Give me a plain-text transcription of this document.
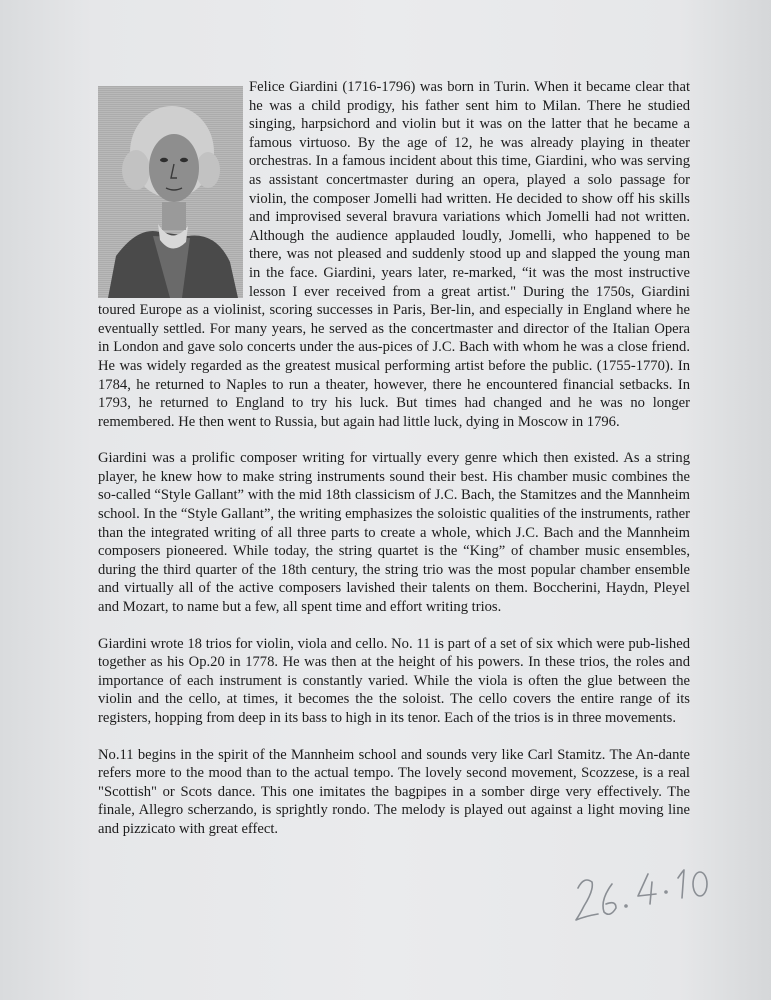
Felice Giardini (1716-1796) was born in Turin. When it became clear that he was a child prodigy, his father sent him to Milan. There he studied singing, harpsichord and violin but it was on the latter that he became a famous virtuoso. By the age of 12, he was already playing in theater orchestras. In a famous incident about this time, Giardini, who was serving as assistant concertmaster during an opera, played a solo passage for violin, the composer Jomelli had written. He decided to show off his skills and improvised several bravura variations which Jomelli had not written. Although the audience applauded loudly, Jomelli, who happened to be there, was not pleased and suddenly stood up and slapped the young man in the face. Giardini, years later, re-marked, “it was the most instructive lesson I ever received from a great artist." During the 1750s, Giardini toured Europe as a violinist, scoring successes in Paris, Ber-lin, and especially in England where he eventually settled. For many years, he served as the concertmaster and director of the Italian Opera in London and gave solo concerts under the aus-pices of J.C. Bach with whom he was a close friend. He was widely regarded as the greatest musical performing artist before the public. (1755-1770). In 1784, he returned to Naples to run a theater, however, there he encountered financial setbacks. In 1793, he returned to England to try his luck. But times had changed and he was no longer remembered. He then went to Russia, but again had little luck, dying in Moscow in 1796.

Giardini was a prolific composer writing for virtually every genre which then existed. As a string player, he knew how to make string instruments sound their best. His chamber music combines the so-called “Style Gallant” with the mid 18th classicism of J.C. Bach, the Stamitzes and the Mannheim school. In the “Style Gallant”, the writing emphasizes the soloistic qualities of the instruments, rather than the integrated writing of all three parts to create a whole, which J.C. Bach and the Mannheim composers pioneered. While today, the string quartet is the “King” of chamber music ensembles, during the third quarter of the 18th century, the string trio was the most popular chamber ensemble and virtually all of the active composers lavished their talents on them. Boccherini, Haydn, Pleyel and Mozart, to name but a few, all spent time and effort writing trios.

Giardini wrote 18 trios for violin, viola and cello. No. 11 is part of a set of six which were pub-lished together as his Op.20 in 1778. He was then at the height of his powers. In these trios, the roles and importance of each instrument is constantly varied. While the viola is often the glue between the violin and the cello, at times, it becomes the the soloist. The cello covers the entire range of its registers, hopping from deep in its bass to high in its tenor. Each of the trios is in three movements.

No.11 begins in the spirit of the Mannheim school and sounds very like Carl Stamitz. The An-dante refers more to the mood than to the actual tempo. The lovely second movement, Scozzese, is a real "Scottish" or Scots dance. This one imitates the bagpipes in a somber dirge very effectively. The finale, Allegro scherzando, is sprightly rondo. The melody is played out against a light moving line and pizzicato with great effect.
